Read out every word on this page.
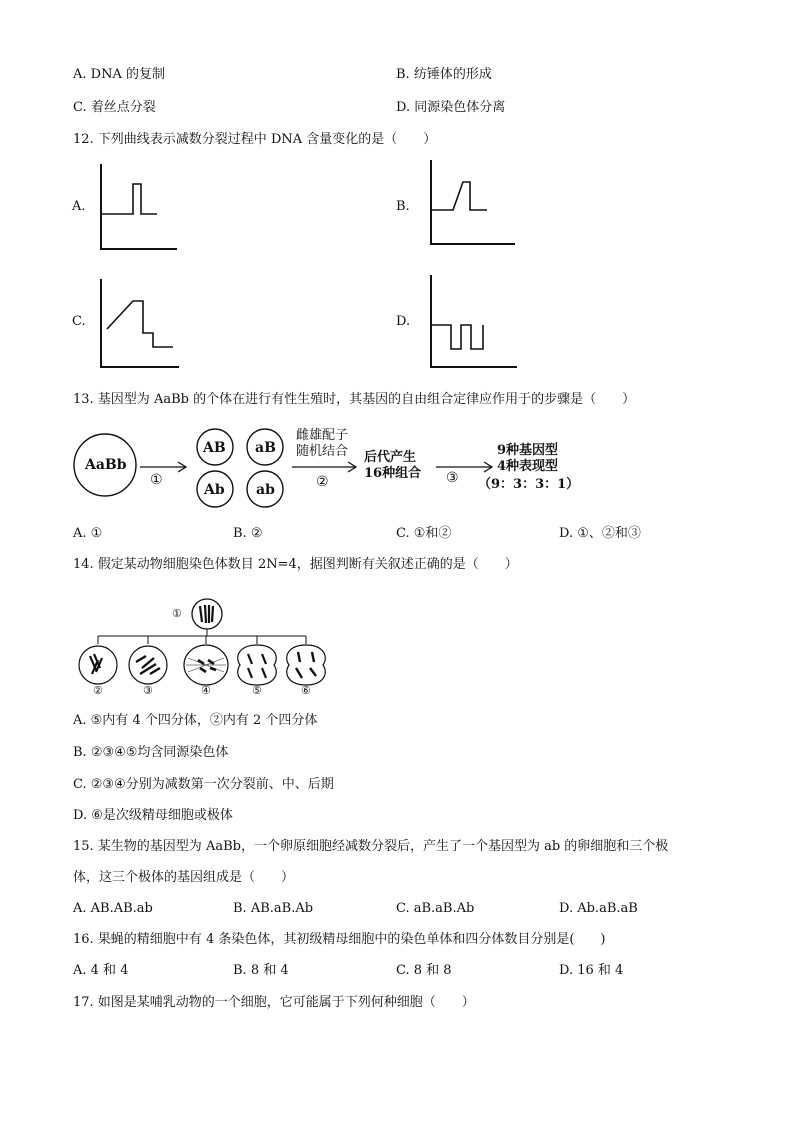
A. DNA 的复制	B. 纺锤体的形成
C. 着丝点分裂	D. 同源染色体分离
12. 下列曲线表示减数分裂过程中 DNA 含量变化的是（　　）
A.	B.
C.	D.
13. 基因型为 AaBb 的个体在进行有性生殖时，其基因的自由组合定律应作用于的步骤是（　　）
AaBb
AB aB
Ab ab
①
雌雄配子
随机结合
②
后代产生
16种组合 ③
9种基因型
4种表现型
（9：3：3：1）
A. ①	B. ②	C. ①和②	D. ①、②和③
14. 假定某动物细胞染色体数目 2N=4，据图判断有关叙述正确的是（　　）
①
②	③	④	⑤	⑥
A. ⑤内有 4 个四分体，②内有 2 个四分体
B. ②③④⑤均含同源染色体
C. ②③④分别为减数第一次分裂前、中、后期
D. ⑥是次级精母细胞或极体
15. 某生物的基因型为 AaBb，一个卵原细胞经减数分裂后，产生了一个基因型为 ab 的卵细胞和三个极
体，这三个极体的基因组成是（　　）
A. AB.AB.ab	B. AB.aB.Ab	C. aB.aB.Ab	D. Ab.aB.aB
16. 果蝇的精细胞中有 4 条染色体，其初级精母细胞中的染色单体和四分体数目分别是(　　)
A. 4 和 4	B. 8 和 4	C. 8 和 8	D. 16 和 4
17. 如图是某哺乳动物的一个细胞，它可能属于下列何种细胞（　　）
